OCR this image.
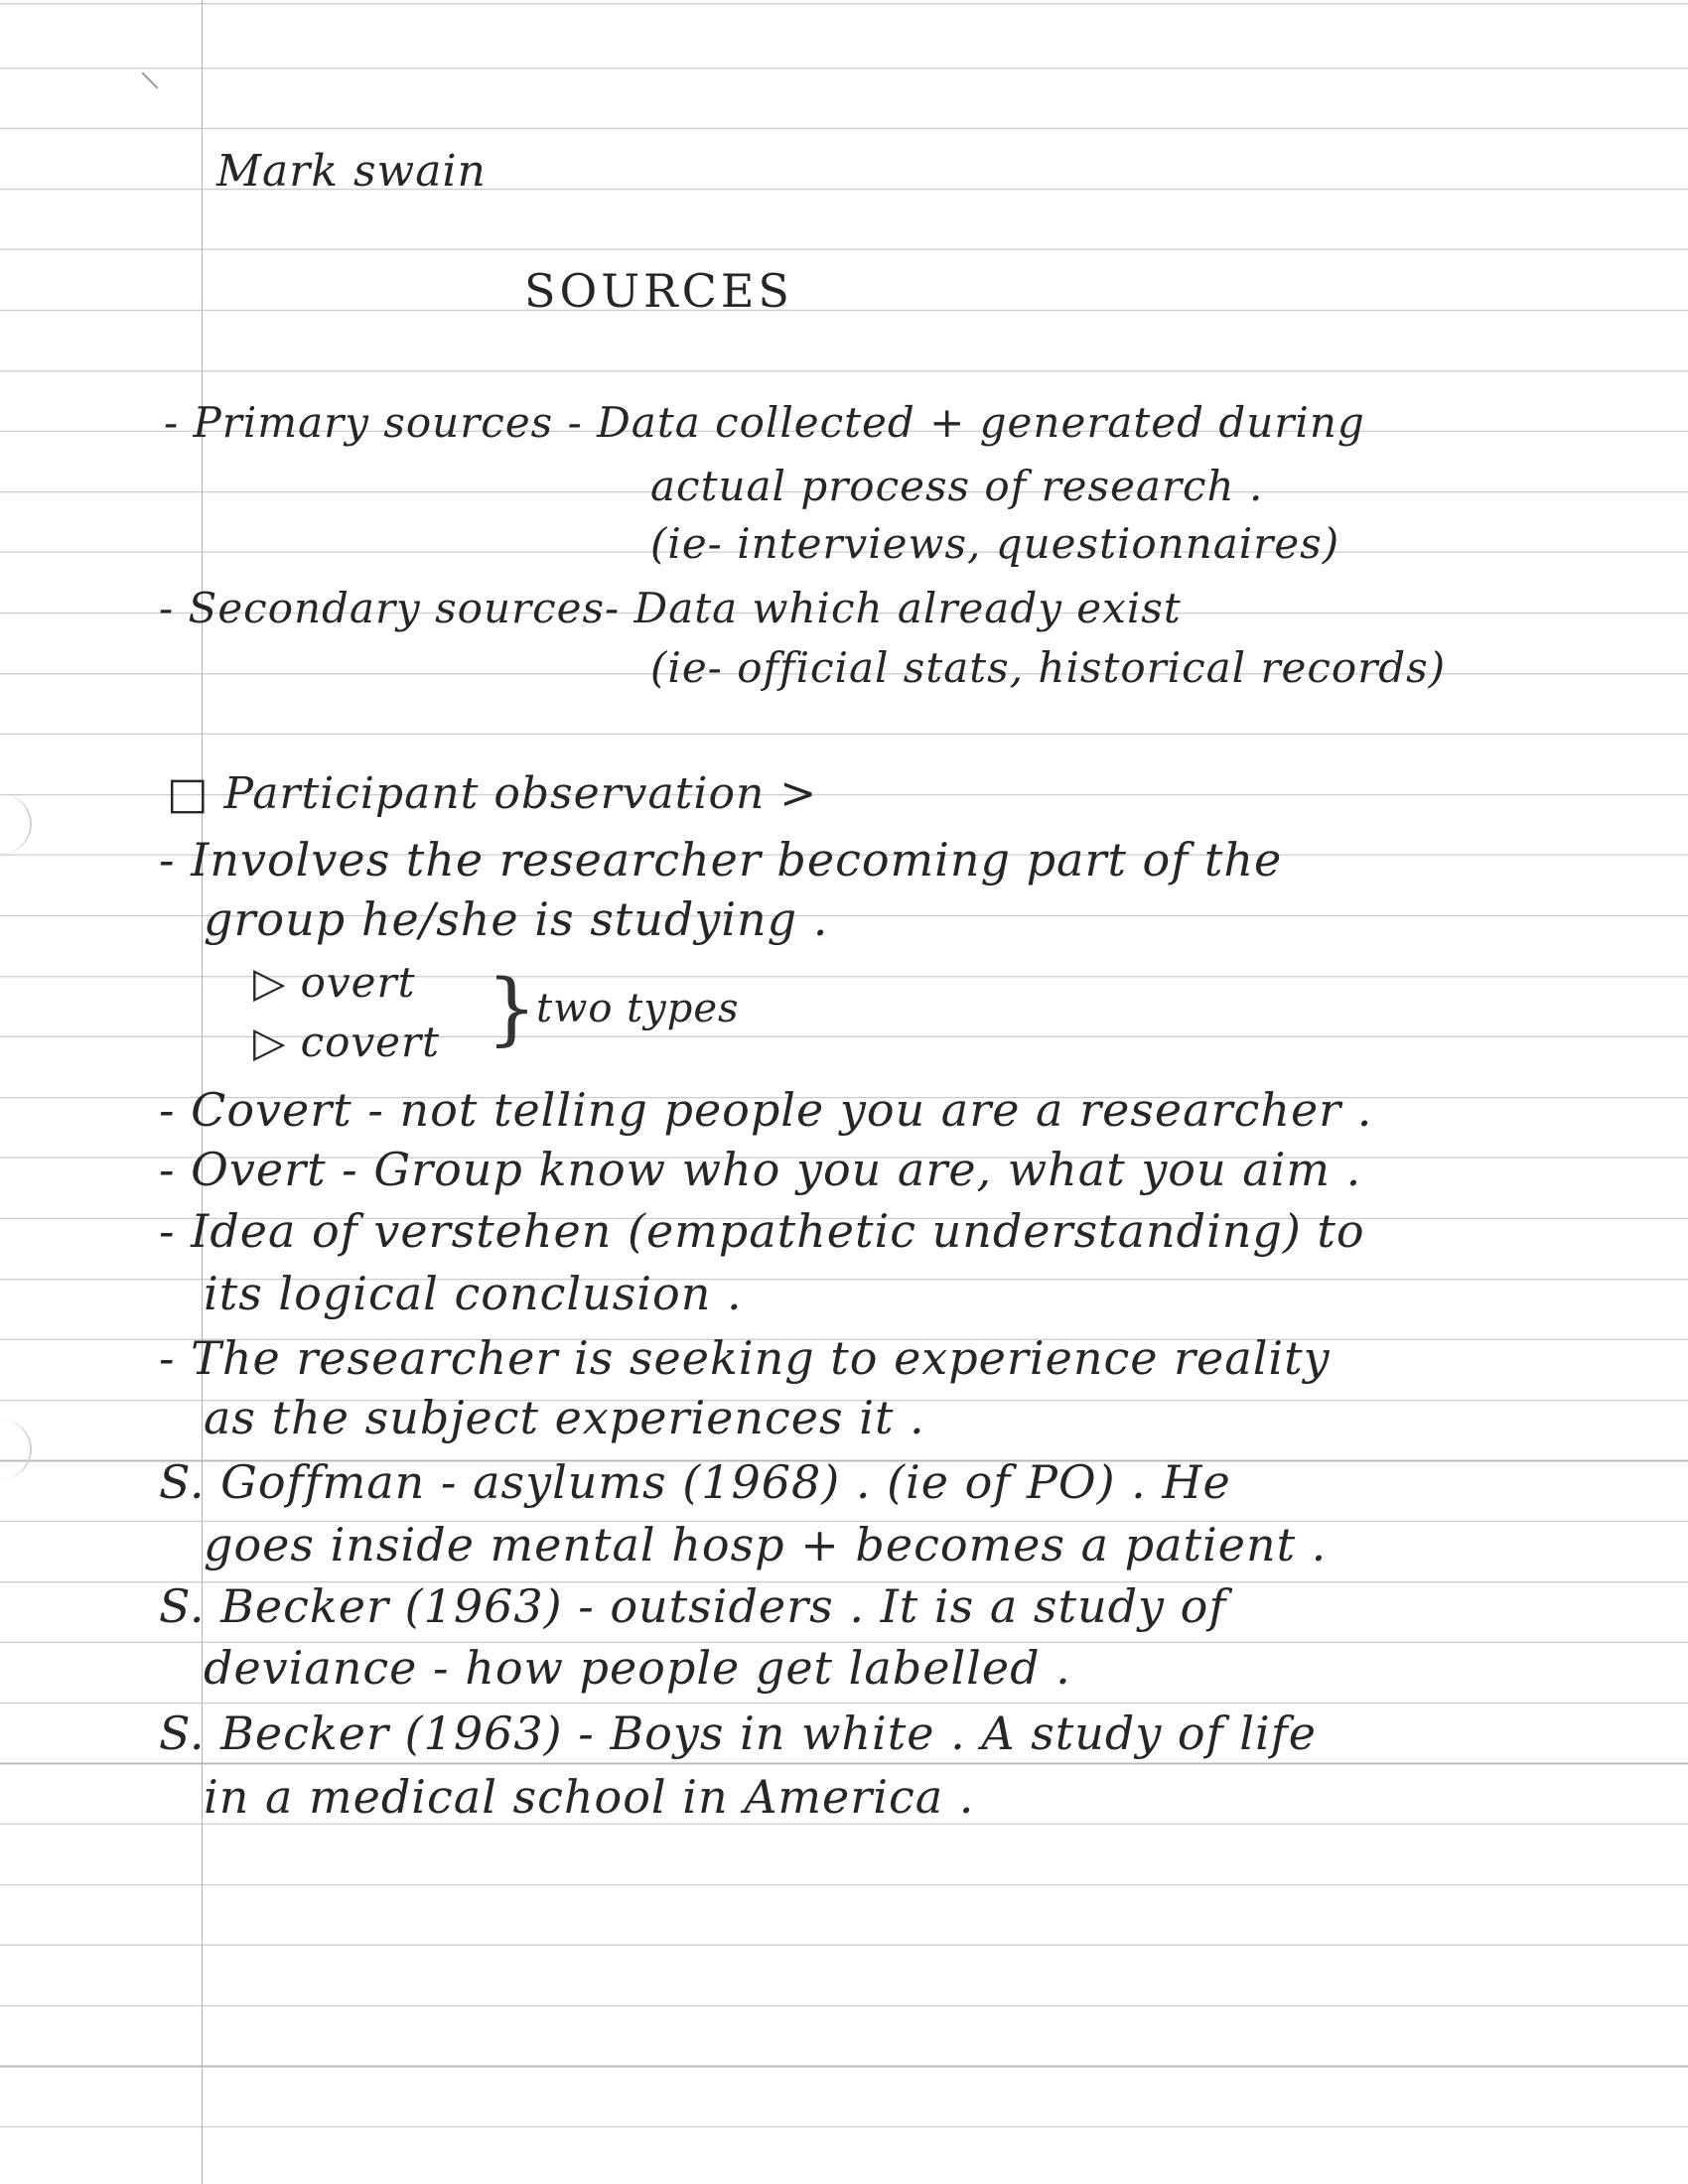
Mark swain
SOURCES
- Primary sources - Data collected + generated during
actual process of research .
(ie- interviews, questionnaires)
- Secondary sources- Data which already exist
(ie- official stats, historical records)
□ Participant observation >
- Involves the researcher becoming part of the
group he/she is studying .
▷ overt
▷ covert }
two types
- Covert - not telling people you are a researcher .
- Overt - Group know who you are, what you aim .
- Idea of verstehen (empathetic understanding) to
its logical conclusion .
- The researcher is seeking to experience reality
as the subject experiences it .
S. Goffman - asylums (1968) . (ie of PO) . He
goes inside mental hosp + becomes a patient .
S. Becker (1963) - outsiders . It is a study of
deviance - how people get labelled .
S. Becker (1963) - Boys in white . A study of life
in a medical school in America .
